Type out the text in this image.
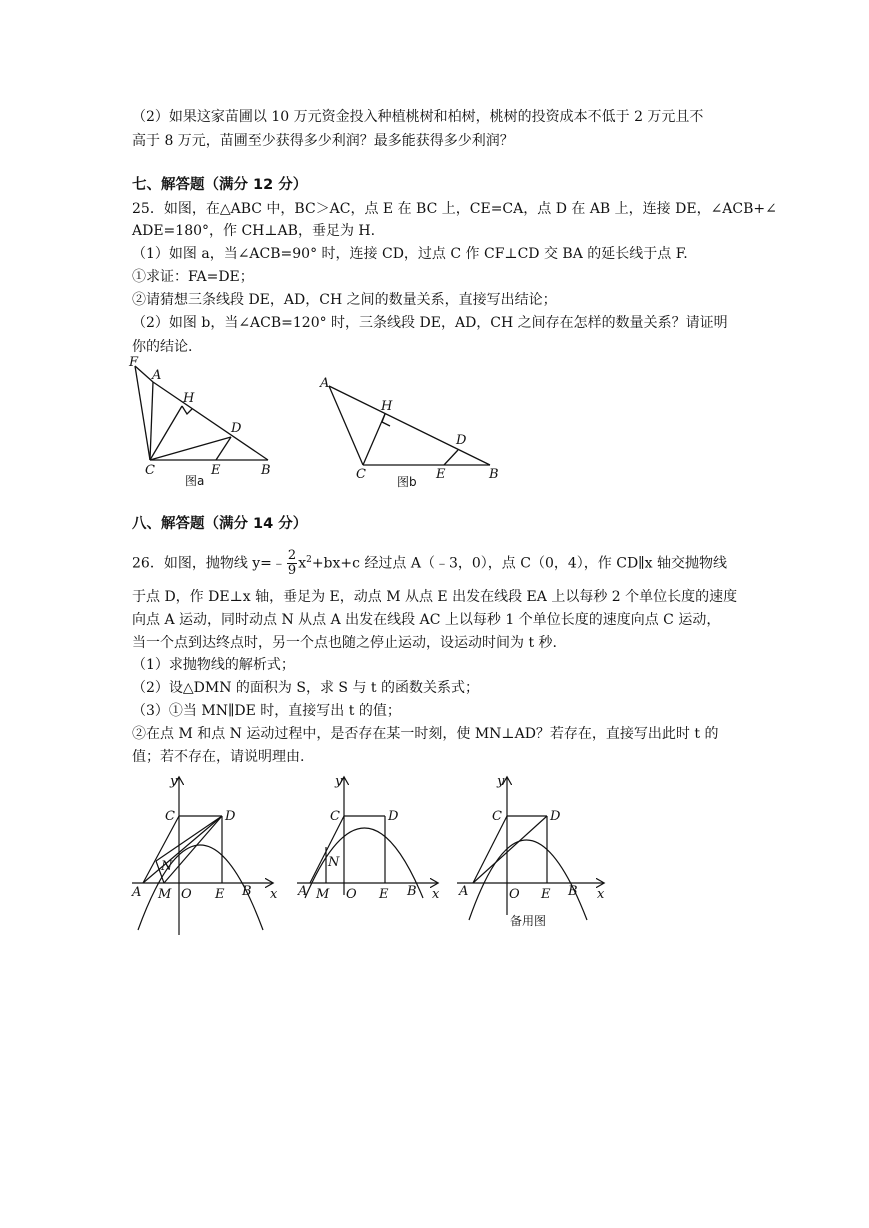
（2）如果这家苗圃以 10 万元资金投入种植桃树和柏树，桃树的投资成本不低于 2 万元且不
高于 8 万元，苗圃至少获得多少利润？最多能获得多少利润？
七、解答题（满分 12 分）
25．如图，在△ABC 中，BC＞AC，点 E 在 BC 上，CE=CA，点 D 在 AB 上，连接 DE，∠ACB+∠
ADE=180°，作 CH⊥AB，垂足为 H.
（1）如图 a，当∠ACB=90° 时，连接 CD，过点 C 作 CF⊥CD 交 BA 的延长线于点 F.
①求证：FA=DE；
②请猜想三条线段 DE，AD，CH 之间的数量关系，直接写出结论；
（2）如图 b，当∠ACB=120° 时，三条线段 DE，AD，CH 之间存在怎样的数量关系？请证明
你的结论.
F
A
H
D
C	E	B
图a
A
H
D
C	E	B
图b
八、解答题（满分 14 分）
26．如图，抛物线 y=﹣ $\frac{2}{9} x^2+bx+c$ 经过点 A（﹣3，0），点 C（0，4），作 CD∥x 轴交抛物线
于点 D，作 DE⊥x 轴，垂足为 E，动点 M 从点 E 出发在线段 EA 上以每秒 2 个单位长度的速度
向点 A 运动，同时动点 N 从点 A 出发在线段 AC 上以每秒 1 个单位长度的速度向点 C 运动，
当一个点到达终点时，另一个点也随之停止运动，设运动时间为 t 秒.
（1）求抛物线的解析式；
（2）设△DMN 的面积为 S，求 S 与 t 的函数关系式；
（3）①当 MN∥DE 时，直接写出 t 的值；
②在点 M 和点 N 运动过程中，是否存在某一时刻，使 MN⊥AD？若存在，直接写出此时 t 的
值；若不存在，请说明理由.
y
x
C	D
N
A M O E B
y
x
C	D
N
A M O E B
y
x
C	D
A	O E B
备用图
